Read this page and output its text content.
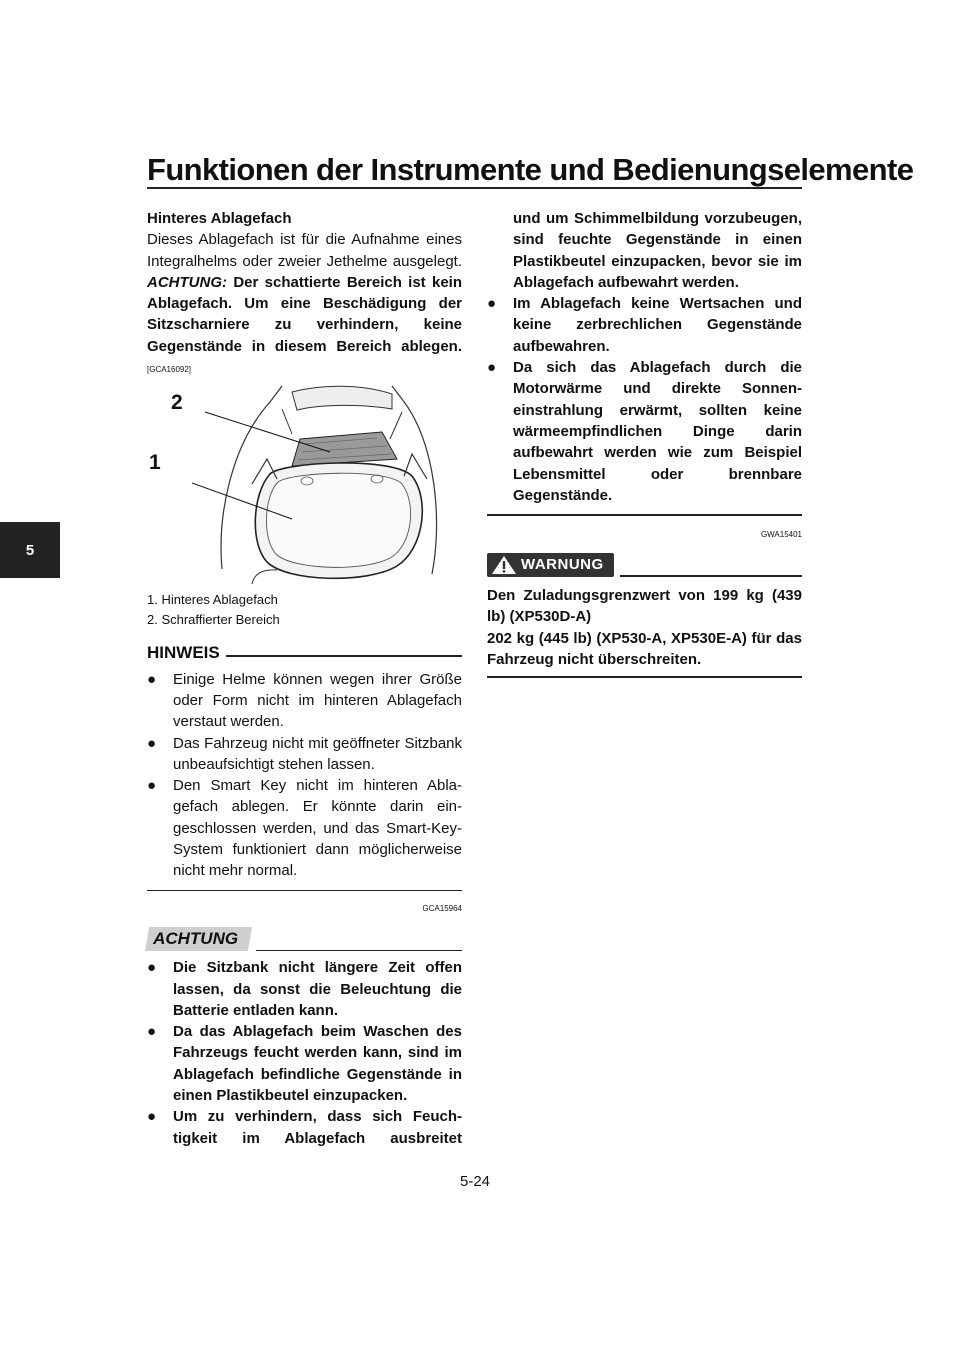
Funktionen der Instrumente und Bedienungselemente
5

Hinteres Ablagefach

Dieses Ablagefach ist für die Aufnahme eines Integralhelms oder zweier Jethelme ausgelegt. ACHTUNG: Der schattierte Bereich ist kein Ablagefach. Um eine Beschädigung der Sitzscharniere zu verhindern, keine Gegenstände in diesem Bereich ablegen.[GCA16092]

2
1
1. Hinteres Ablagefach
2. Schraffierter Bereich
HINWEIS
● Einige Helme können wegen ihrer Größe oder Form nicht im hinteren Ablagefach verstaut werden.
● Das Fahrzeug nicht mit geöffneter Sitzbank unbeaufsichtigt stehen lassen.
● Den Smart Key nicht im hinteren Ablagefach ablegen. Er könnte darin eingeschlossen werden, und das Smart-Key-System funktioniert dann möglicherweise nicht mehr normal.
GCA15964
ACHTUNG
● Die Sitzbank nicht längere Zeit offen lassen, da sonst die Beleuchtung die Batterie entladen kann.
● Da das Ablagefach beim Waschen des Fahrzeugs feucht werden kann, sind im Ablagefach befindliche Gegenstände in einen Plastikbeutel einzupacken.
● Um zu verhindern, dass sich Feuchtigkeit im Ablagefach ausbreitet
und um Schimmelbildung vorzubeugen, sind feuchte Gegenstände in einen Plastikbeutel einzupacken, bevor sie im Ablagefach aufbewahrt werden.
● Im Ablagefach keine Wertsachen und keine zerbrechlichen Gegenstände aufbewahren.
● Da sich das Ablagefach durch die Motorwärme und direkte Sonneneinstrahlung erwärmt, sollten keine wärmeempfindlichen Dinge darin aufbewahrt werden wie zum Beispiel Lebensmittel oder brennbare Gegenstände.
GWA15401
WARNUNG

Den Zuladungsgrenzwert von 199 kg (439 lb) (XP530D-A)

202 kg (445 lb) (XP530-A, XP530E-A) für das Fahrzeug nicht überschreiten.

5-24
